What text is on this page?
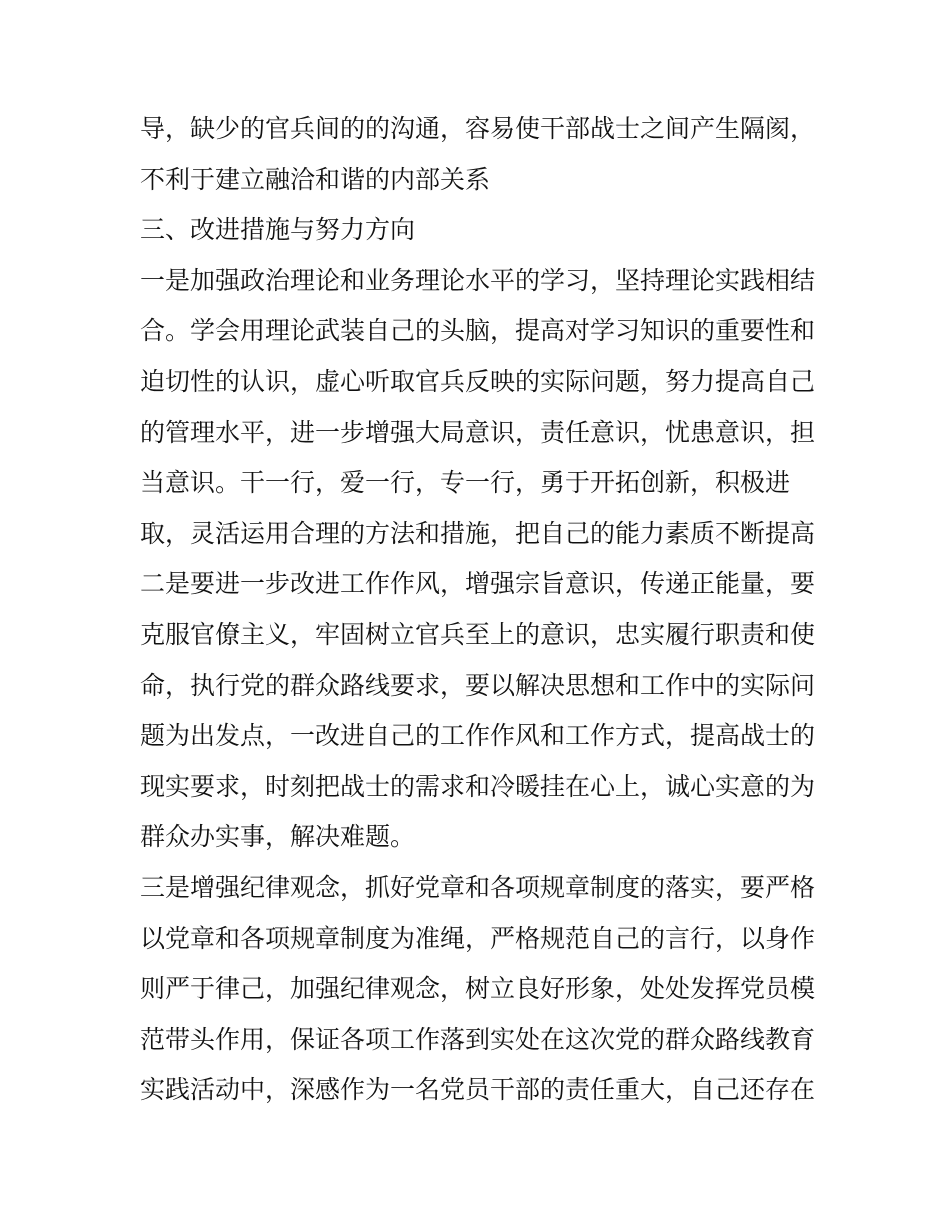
导，缺少的官兵间的的沟通，容易使干部战士之间产生隔阂，
不利于建立融洽和谐的内部关系
三、改进措施与努力方向
一是加强政治理论和业务理论水平的学习，坚持理论实践相结
合。学会用理论武装自己的头脑，提高对学习知识的重要性和
迫切性的认识，虚心听取官兵反映的实际问题，努力提高自己
的管理水平，进一步增强大局意识，责任意识，忧患意识，担
当意识。干一行，爱一行，专一行，勇于开拓创新，积极进
取，灵活运用合理的方法和措施，把自己的能力素质不断提高
二是要进一步改进工作作风，增强宗旨意识，传递正能量，要
克服官僚主义，牢固树立官兵至上的意识，忠实履行职责和使
命，执行党的群众路线要求，要以解决思想和工作中的实际问
题为出发点，一改进自己的工作作风和工作方式，提高战士的
现实要求，时刻把战士的需求和冷暖挂在心上，诚心实意的为
群众办实事，解决难题。
三是增强纪律观念，抓好党章和各项规章制度的落实，要严格
以党章和各项规章制度为准绳，严格规范自己的言行，以身作
则严于律己，加强纪律观念，树立良好形象，处处发挥党员模
范带头作用，保证各项工作落到实处在这次党的群众路线教育
实践活动中，深感作为一名党员干部的责任重大，自己还存在
